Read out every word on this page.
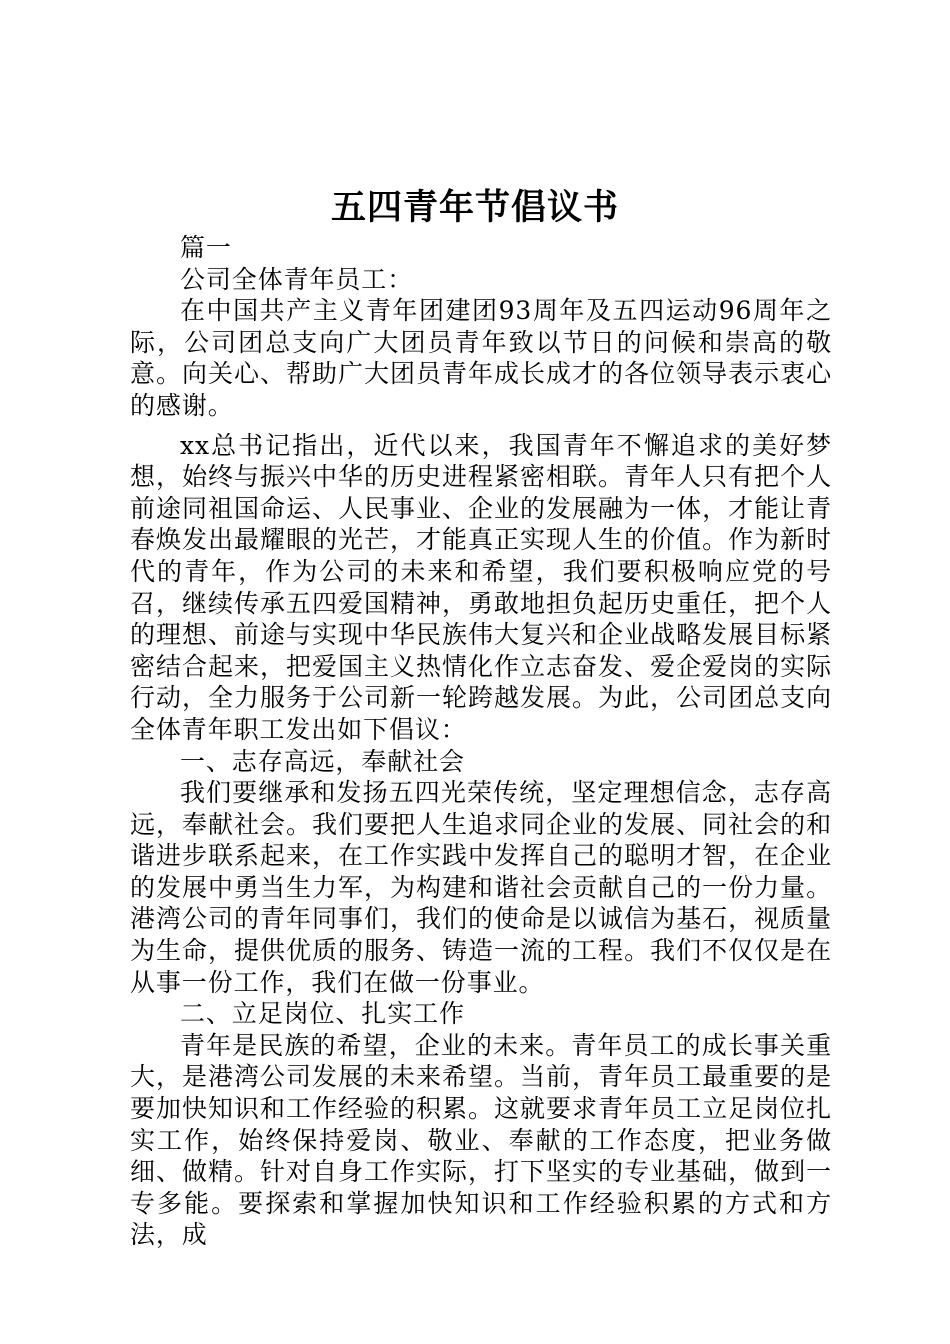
五四青年节倡议书

篇一

公司全体青年员工：

在中国共产主义青年团建团93周年及五四运动96周年之际，公司团总支向广大团员青年致以节日的问候和崇高的敬意。向关心、帮助广大团员青年成长成才的各位领导表示衷心的感谢。

xx总书记指出，近代以来，我国青年不懈追求的美好梦想，始终与振兴中华的历史进程紧密相联。青年人只有把个人前途同祖国命运、人民事业、企业的发展融为一体，才能让青春焕发出最耀眼的光芒，才能真正实现人生的价值。作为新时代的青年，作为公司的未来和希望，我们要积极响应党的号召，继续传承五四爱国精神，勇敢地担负起历史重任，把个人的理想、前途与实现中华民族伟大复兴和企业战略发展目标紧密结合起来，把爱国主义热情化作立志奋发、爱企爱岗的实际行动，全力服务于公司新一轮跨越发展。为此，公司团总支向全体青年职工发出如下倡议：

一、志存高远，奉献社会

我们要继承和发扬五四光荣传统，坚定理想信念，志存高远，奉献社会。我们要把人生追求同企业的发展、同社会的和谐进步联系起来，在工作实践中发挥自己的聪明才智，在企业的发展中勇当生力军，为构建和谐社会贡献自己的一份力量。港湾公司的青年同事们，我们的使命是以诚信为基石，视质量为生命，提供优质的服务、铸造一流的工程。我们不仅仅是在从事一份工作，我们在做一份事业。

二、立足岗位、扎实工作

青年是民族的希望，企业的未来。青年员工的成长事关重大，是港湾公司发展的未来希望。当前，青年员工最重要的是要加快知识和工作经验的积累。这就要求青年员工立足岗位扎实工作，始终保持爱岗、敬业、奉献的工作态度，把业务做细、做精。针对自身工作实际，打下坚实的专业基础，做到一专多能。要探索和掌握加快知识和工作经验积累的方式和方法，成
